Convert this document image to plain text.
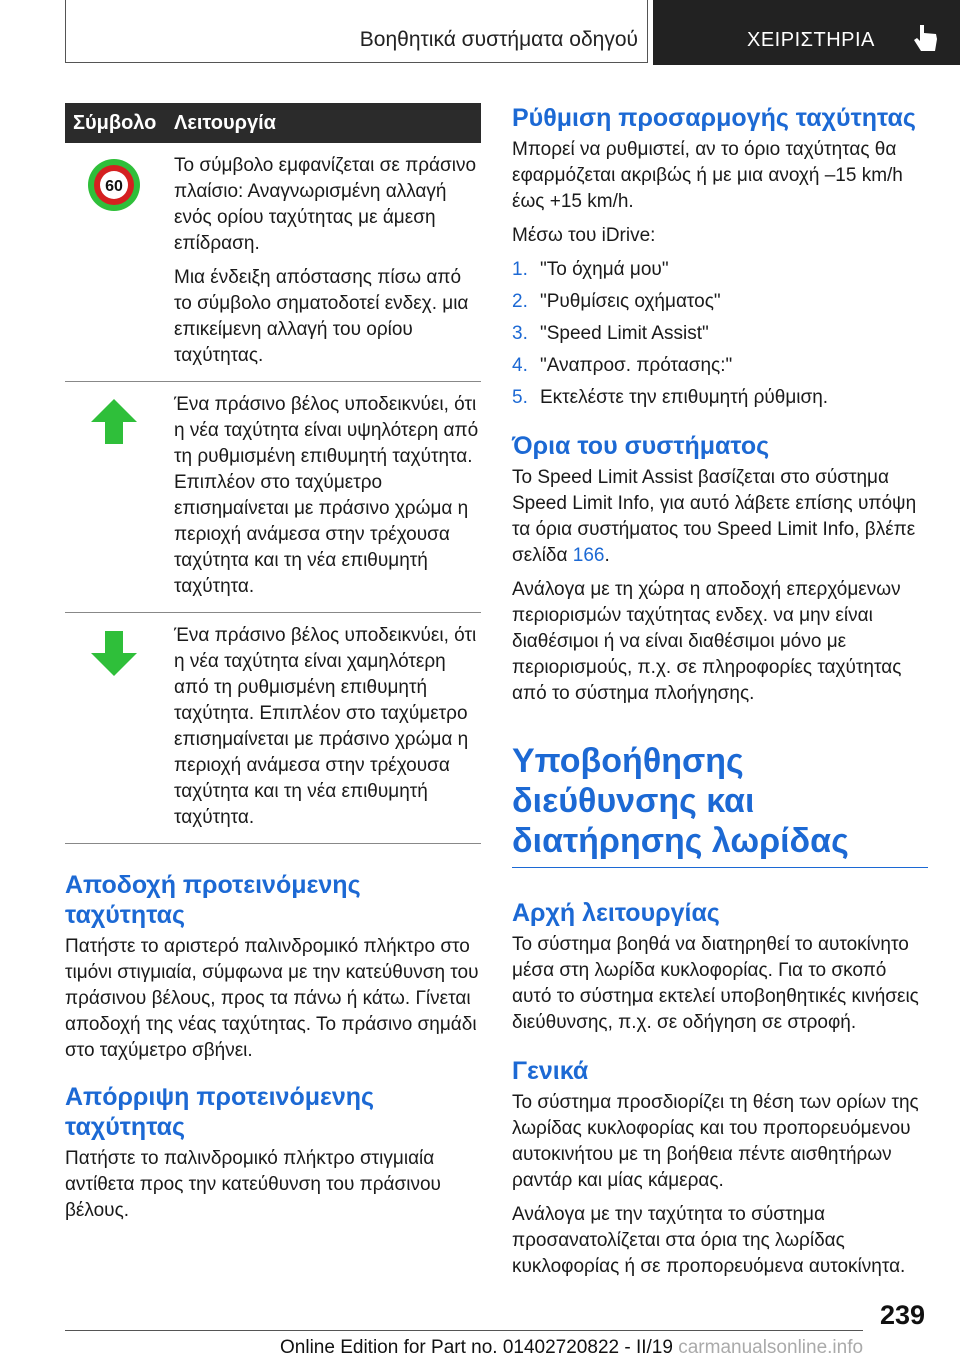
Βοηθητικά συστήματα οδηγού	ΧΕΙΡΙΣΤΗΡΙΑ
Σύμβολο	Λειτουργία

60	Το σύμβολο εμφανίζεται σε πράσινο πλαίσιο: Αναγνωρισμένη αλλαγή ενός ορίου ταχύτητας με άμεση επίδραση.

Μια ένδειξη απόστασης πίσω από το σύμβολο σηματοδοτεί ενδεχ. μια επικείμενη αλλαγή του ορίου ταχύτητας.

Ένα πράσινο βέλος υποδεικνύει, ότι η νέα ταχύτητα είναι υψηλότερη από τη ρυθμισμένη επιθυμητή ταχύτητα. Επιπλέον στο ταχύμετρο επισημαίνεται με πράσινο χρώμα η περιοχή ανάμεσα στην τρέχουσα ταχύτητα και τη νέα επιθυμητή ταχύτητα.

Ένα πράσινο βέλος υποδεικνύει, ότι η νέα ταχύτητα είναι χαμηλότερη από τη ρυθμισμένη επιθυμητή ταχύτητα. Επιπλέον στο ταχύμετρο επισημαίνεται με πράσινο χρώμα η περιοχή ανάμεσα στην τρέχουσα ταχύτητα και τη νέα επιθυμητή ταχύτητα.

Αποδοχή προτεινόμενης ταχύτητας

Πατήστε το αριστερό παλινδρομικό πλήκτρο στο τιμόνι στιγμιαία, σύμφωνα με την κατεύθυνση του πράσινου βέλους, προς τα πάνω ή κάτω. Γίνεται αποδοχή της νέας ταχύτητας. Το πράσινο σημάδι στο ταχύμετρο σβήνει.

Απόρριψη προτεινόμενης ταχύτητας

Πατήστε το παλινδρομικό πλήκτρο στιγμιαία αντίθετα προς την κατεύθυνση του πράσινου βέλους.

Ρύθμιση προσαρμογής ταχύτητας

Μπορεί να ρυθμιστεί, αν το όριο ταχύτητας θα εφαρμόζεται ακριβώς ή με μια ανοχή –15 km/h έως +15 km/h.

Μέσω του iDrive:

1. "Το όχημά μου"
2. "Ρυθμίσεις οχήματος"
3. "Speed Limit Assist"
4. "Αναπροσ. πρότασης:"
5. Εκτελέστε την επιθυμητή ρύθμιση.
Όρια του συστήματος

Το Speed Limit Assist βασίζεται στο σύστημα Speed Limit Info, για αυτό λάβετε επίσης υπόψη τα όρια συστήματος του Speed Limit Info, βλέπε σελίδα 166.

Ανάλογα με τη χώρα η αποδοχή επερχόμενων περιορισμών ταχύτητας ενδεχ. να μην είναι διαθέσιμοι ή να είναι διαθέσιμοι μόνο με περιορισμούς, π.χ. σε πληροφορίες ταχύτητας από το σύστημα πλοήγησης.

Υποβοήθησης διεύθυνσης και διατήρησης λωρίδας
Αρχή λειτουργίας

Το σύστημα βοηθά να διατηρηθεί το αυτοκίνητο μέσα στη λωρίδα κυκλοφορίας. Για το σκοπό αυτό το σύστημα εκτελεί υποβοηθητικές κινήσεις διεύθυνσης, π.χ. σε οδήγηση σε στροφή.

Γενικά

Το σύστημα προσδιορίζει τη θέση των ορίων της λωρίδας κυκλοφορίας και του προπορευόμενου αυτοκινήτου με τη βοήθεια πέντε αισθητήρων ραντάρ και μίας κάμερας.

Ανάλογα με την ταχύτητα το σύστημα προσανατολίζεται στα όρια της λωρίδας κυκλοφορίας ή σε προπορευόμενα αυτοκίνητα.

239
Online Edition for Part no. 01402720822 - II/19 carmanualsonline.info
